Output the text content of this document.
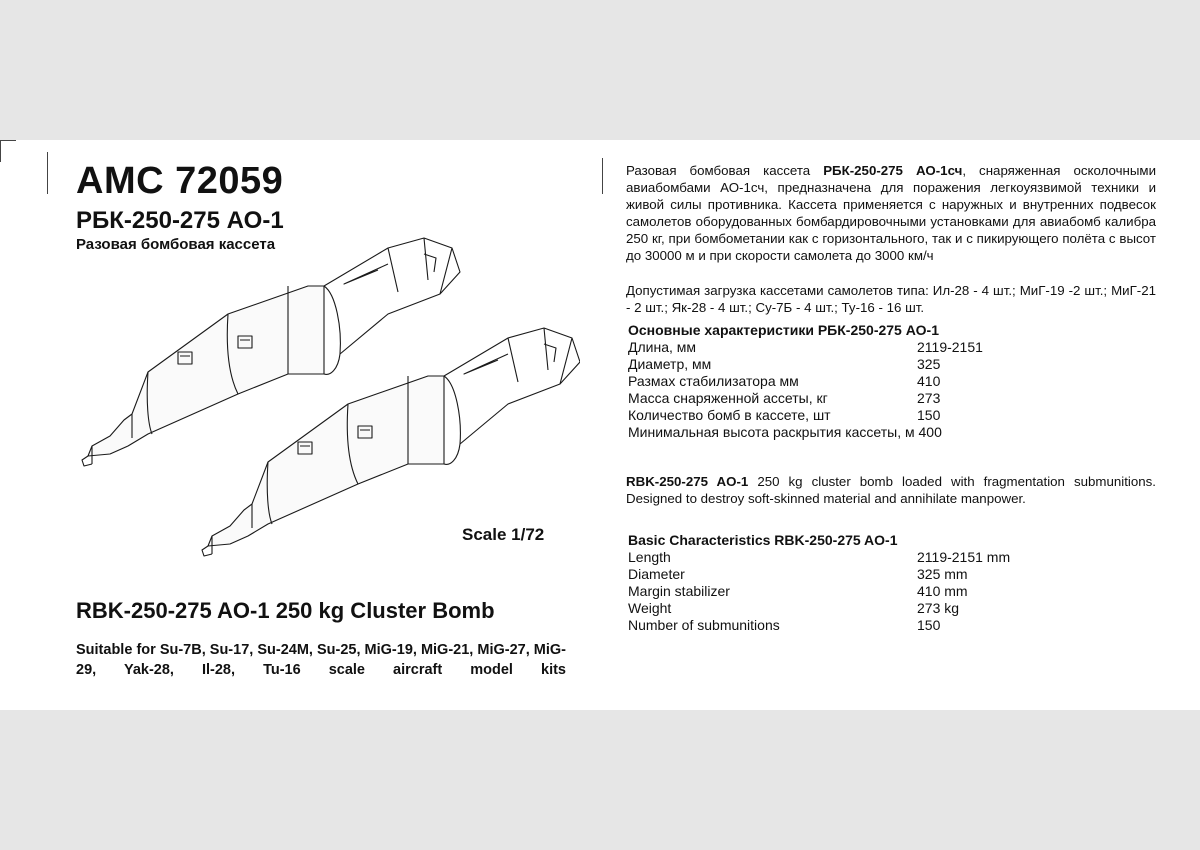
AMC 72059
РБК-250-275 АО-1
Разовая бомбовая кассета
Scale 1/72
RBK-250-275 AO-1 250 kg Cluster Bomb
Suitable for Su-7B, Su-17, Su-24M, Su-25, MiG-19, MiG-21, MiG-27, MiG-29, Yak-28, Il-28, Tu-16 scale aircraft model kits
Разовая бомбовая кассета РБК-250-275 АО-1сч, снаряженная осколочными авиабомбами АО-1сч, предназначена для поражения легкоуязвимой техники и живой силы противника. Кассета применяется с наружных и внутренних подвесок самолетов оборудованных бомбардировочными установками для авиабомб калибра 250 кг, при бомбометании как с горизонтального, так и с пикирующего полёта с высот до 30000 м и при скорости самолета до 3000 км/ч
Допустимая загрузка кассетами самолетов типа: Ил-28 - 4 шт.; МиГ-19 -2 шт.; МиГ-21 - 2 шт.; Як-28 - 4 шт.; Су-7Б - 4 шт.; Ту-16 - 16 шт.
Основные характеристики РБК-250-275 АО-1
Длина, мм	2119-2151
Диаметр, мм	325
Размах стабилизатора мм	410
Масса снаряженной ассеты, кг	273
Количество бомб в кассете, шт	150
Минимальная высота раскрытия кассеты, м 400
RBK-250-275 AO-1 250 kg cluster bomb loaded with fragmentation submunitions. Designed to destroy soft-skinned material and annihilate manpower.
Basic Characteristics RBK-250-275 AO-1
Length	2119-2151 mm
Diameter	325 mm
Margin stabilizer	410 mm
Weight	273 kg
Number of submunitions	150
